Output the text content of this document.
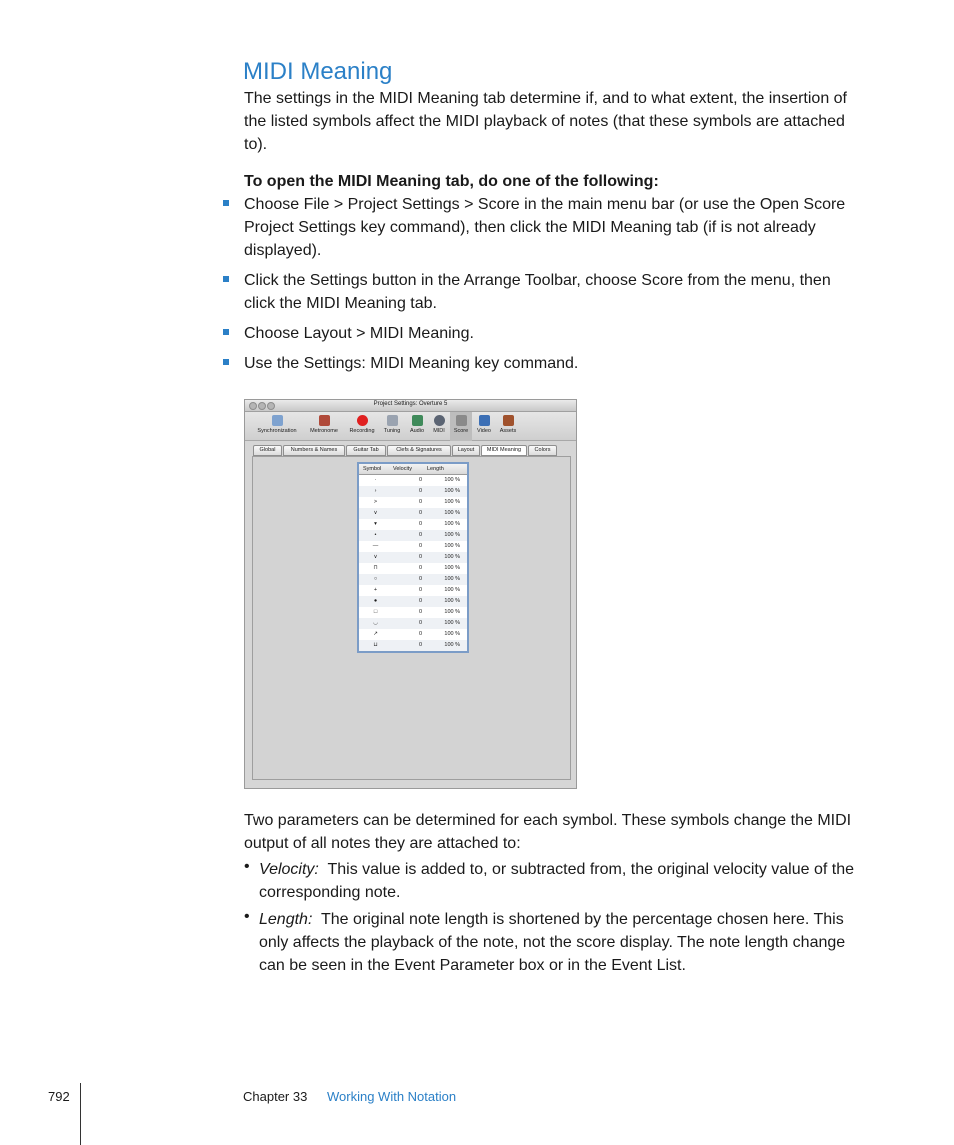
MIDI Meaning
The settings in the MIDI Meaning tab determine if, and to what extent, the insertion of
the listed symbols affect the MIDI playback of notes (that these symbols are attached
to).
To open the MIDI Meaning tab, do one of the following:
Choose File > Project Settings > Score in the main menu bar (or use the Open Score
Project Settings key command), then click the MIDI Meaning tab (if is not already
displayed).
Click the Settings button in the Arrange Toolbar, choose Score from the menu, then
click the MIDI Meaning tab.
Choose Layout > MIDI Meaning.
Use the Settings: MIDI Meaning key command.
Project Settings: Overture 5
Synchronization	Metronome	Recording	Tuning	Audio	MIDI	Score	Video	Assets
Global	Numbers & Names	Guitar Tab	Clefs & Signatures	Layout	MIDI Meaning	Colors
Symbol Velocity	Length
·	0	100 %
›	0	100 %
>	0	100 %
∨	0	100 %
▾	0	100 %
•	0	100 %
—	0	100 %
∨	0	100 %
⊓	0	100 %
○	0	100 %
+	0	100 %
●	0	100 %
□	0	100 %
◡	0	100 %
↗	0	100 %
⊔	0	100 %
Two parameters can be determined for each symbol. These symbols change the MIDI
output of all notes they are attached to:
• Velocity: This value is added to, or subtracted from, the original velocity value of the
corresponding note.
• Length: The original note length is shortened by the percentage chosen here. This
only affects the playback of the note, not the score display. The note length change
can be seen in the Event Parameter box or in the Event List.
792	Chapter 33 Working With Notation
